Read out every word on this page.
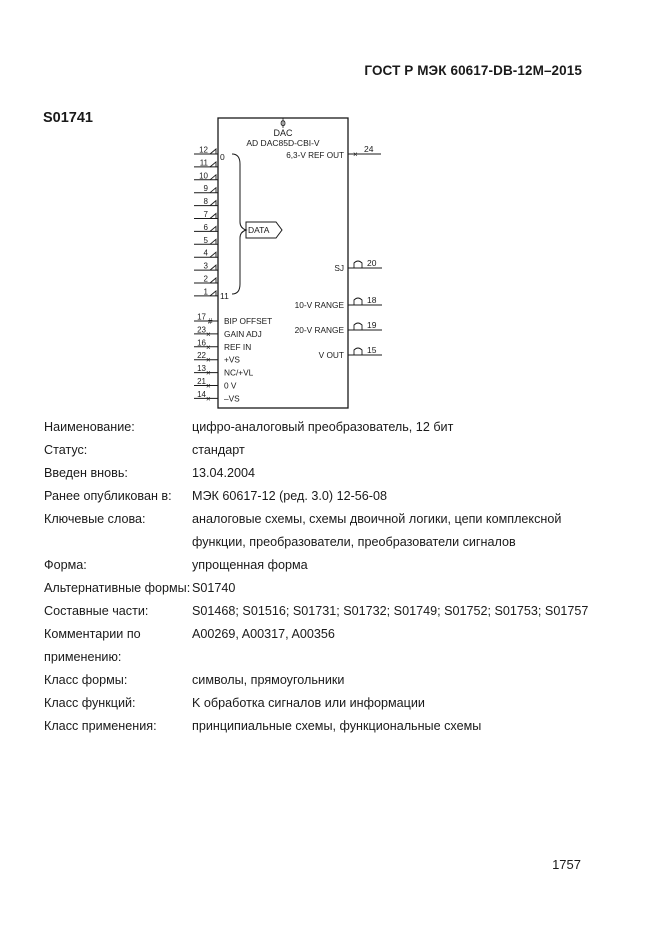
ГОСТ Р МЭК 60617-DB-12M–2015
S01741	ɸ
DAC
AD DAC85D-CBI-V
6,3-V REF OUT ×
24
0
11
DATA
12
11
10
9
8
7
6
5
4
3
2
1
SJ	20
10-V RANGE	18
20-V RANGE	19
V OUT	15
#
17 BIP OFFSET
×
23 GAIN ADJ
×
16 REF IN
×
22 +VS
×
13 NC/+VL
×
21 0 V
×
14 –VS
Наименование:	цифро-аналоговый преобразователь, 12 бит
Статус:	стандарт
Введен вновь:	13.04.2004
Ранее опубликован в:	МЭК 60617-12 (ред. 3.0) 12-56-08
Ключевые слова:	аналоговые схемы, схемы двоичной логики, цепи комплексной функции, преобразователи, преобразователи сигналов
Форма:	упрощенная форма
Альтернативные формы: S01740
Составные части:	S01468; S01516; S01731; S01732; S01749; S01752; S01753; S01757
Комментарии по применению:
A00269, A00317, A00356
Класс формы:	символы, прямоугольники
Класс функций:	K обработка сигналов или информации
Класс применения:	принципиальные схемы, функциональные схемы
1757
